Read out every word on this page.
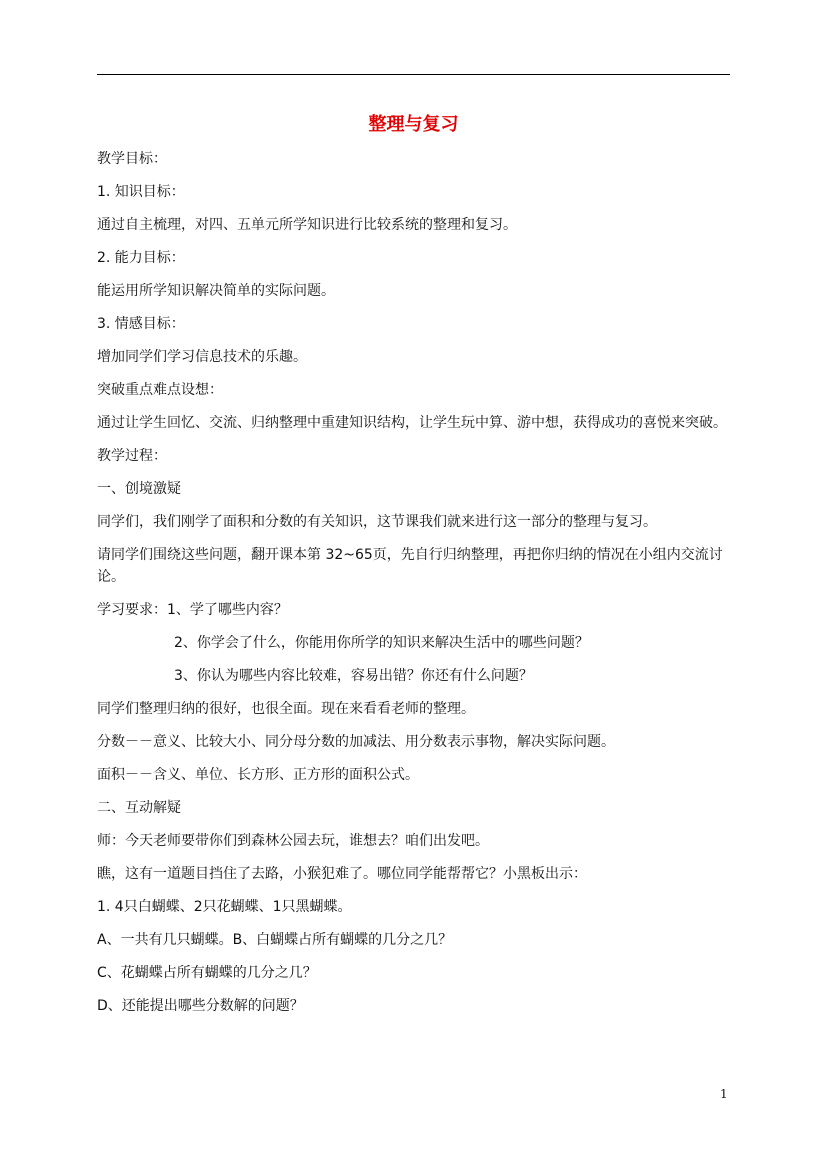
整理与复习

教学目标：

1. 知识目标：

通过自主梳理，对四、五单元所学知识进行比较系统的整理和复习。

2. 能力目标：

能运用所学知识解决简单的实际问题。

3. 情感目标：

增加同学们学习信息技术的乐趣。

突破重点难点设想：

通过让学生回忆、交流、归纳整理中重建知识结构，让学生玩中算、游中想，获得成功的喜悦来突破。

教学过程：

一、创境激疑

同学们，我们刚学了面积和分数的有关知识，这节课我们就来进行这一部分的整理与复习。

请同学们围绕这些问题，翻开课本第 32~65页，先自行归纳整理，再把你归纳的情况在小组内交流讨论。

学习要求：1、学了哪些内容？

2、你学会了什么，你能用你所学的知识来解决生活中的哪些问题？

3、你认为哪些内容比较难，容易出错？你还有什么问题？

同学们整理归纳的很好，也很全面。现在来看看老师的整理。

分数－－意义、比较大小、同分母分数的加减法、用分数表示事物，解决实际问题。

面积－－含义、单位、长方形、正方形的面积公式。

二、互动解疑

师：今天老师要带你们到森林公园去玩，谁想去？咱们出发吧。

瞧，这有一道题目挡住了去路，小猴犯难了。哪位同学能帮帮它？小黑板出示：

1. 4只白蝴蝶、2只花蝴蝶、1只黑蝴蝶。

A、一共有几只蝴蝶。B、白蝴蝶占所有蝴蝶的几分之几？

C、花蝴蝶占所有蝴蝶的几分之几？

D、还能提出哪些分数解的问题？

1
